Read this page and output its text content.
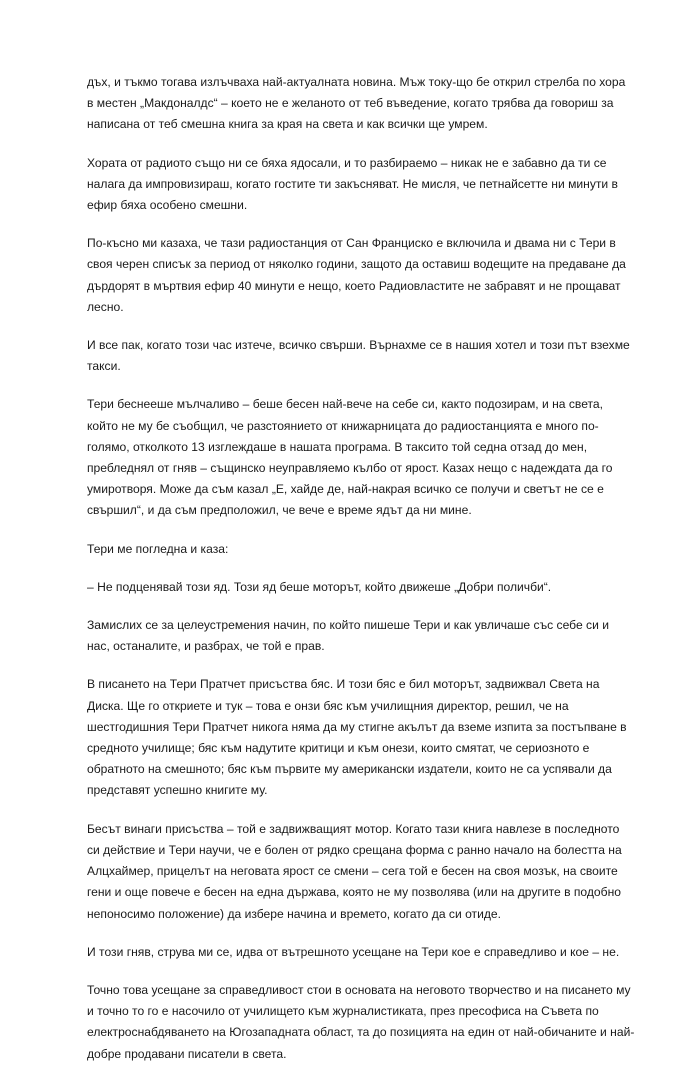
дъх, и тъкмо тогава излъчваха най-актуалната новина. Мъж току-що бе открил стрелба по хора в местен „Макдоналдс“ – което не е желаното от теб въведение, когато трябва да говориш за написана от теб смешна книга за края на света и как всички ще умрем.

Хората от радиото също ни се бяха ядосали, и то разбираемо – никак не е забавно да ти се налага да импровизираш, когато гостите ти закъсняват. Не мисля, че петнайсетте ни минути в ефир бяха особено смешни.

По-късно ми казаха, че тази радиостанция от Сан Франциско е включила и двама ни с Тери в своя черен списък за период от няколко години, защото да оставиш водещите на предаване да дърдорят в мъртвия ефир 40 минути е нещо, което Радиовластите не забравят и не прощават лесно.

И все пак, когато този час изтече, всичко свърши. Върнахме се в нашия хотел и този път взехме такси.

Тери беснееше мълчаливо – беше бесен най-вече на себе си, както подозирам, и на света, който не му бе съобщил, че разстоянието от книжарницата до радиостанцията е много по-голямо, отколкото 13 изглеждаше в нашата програма. В таксито той седна отзад до мен, пребледнял от гняв – същинско неуправляемо кълбо от ярост. Казах нещо с надеждата да го умиротворя. Може да съм казал „Е, хайде де, най-накрая всичко се получи и светът не се е свършил“, и да съм предположил, че вече е време ядът да ни мине.

Тери ме погледна и каза:

– Не подценявай този яд. Този яд беше моторът, който движеше „Добри поличби“.

Замислих се за целеустремения начин, по който пишеше Тери и как увличаше със себе си и нас, останалите, и разбрах, че той е прав.

В писането на Тери Пратчет присъства бяс. И този бяс е бил моторът, задвижвал Света на Диска. Ще го откриете и тук – това е онзи бяс към училищния директор, решил, че на шестгодишния Тери Пратчет никога няма да му стигне акълът да вземе изпита за постъпване в средното училище; бяс към надутите критици и към онези, които смятат, че сериозното е обратното на смешното; бяс към първите му американски издатели, които не са успявали да представят успешно книгите му.

Бесът винаги присъства – той е задвижващият мотор. Когато тази книга навлезе в последното си действие и Тери научи, че е болен от рядко срещана форма с ранно начало на болестта на Алцхаймер, прицелът на неговата ярост се смени – сега той е бесен на своя мозък, на своите гени и още повече е бесен на една държава, която не му позволява (или на другите в подобно непоносимо положение) да избере начина и времето, когато да си отиде.

И този гняв, струва ми се, идва от вътрешното усещане на Тери кое е справедливо и кое – не.

Точно това усещане за справедливост стои в основата на неговото творчество и на писането му и точно то го е насочило от училището към журналистиката, през пресофиса на Съвета по електроснабдяването на Югозападната област, та до позицията на един от най-обичаните и най-добре продавани писатели в света.
